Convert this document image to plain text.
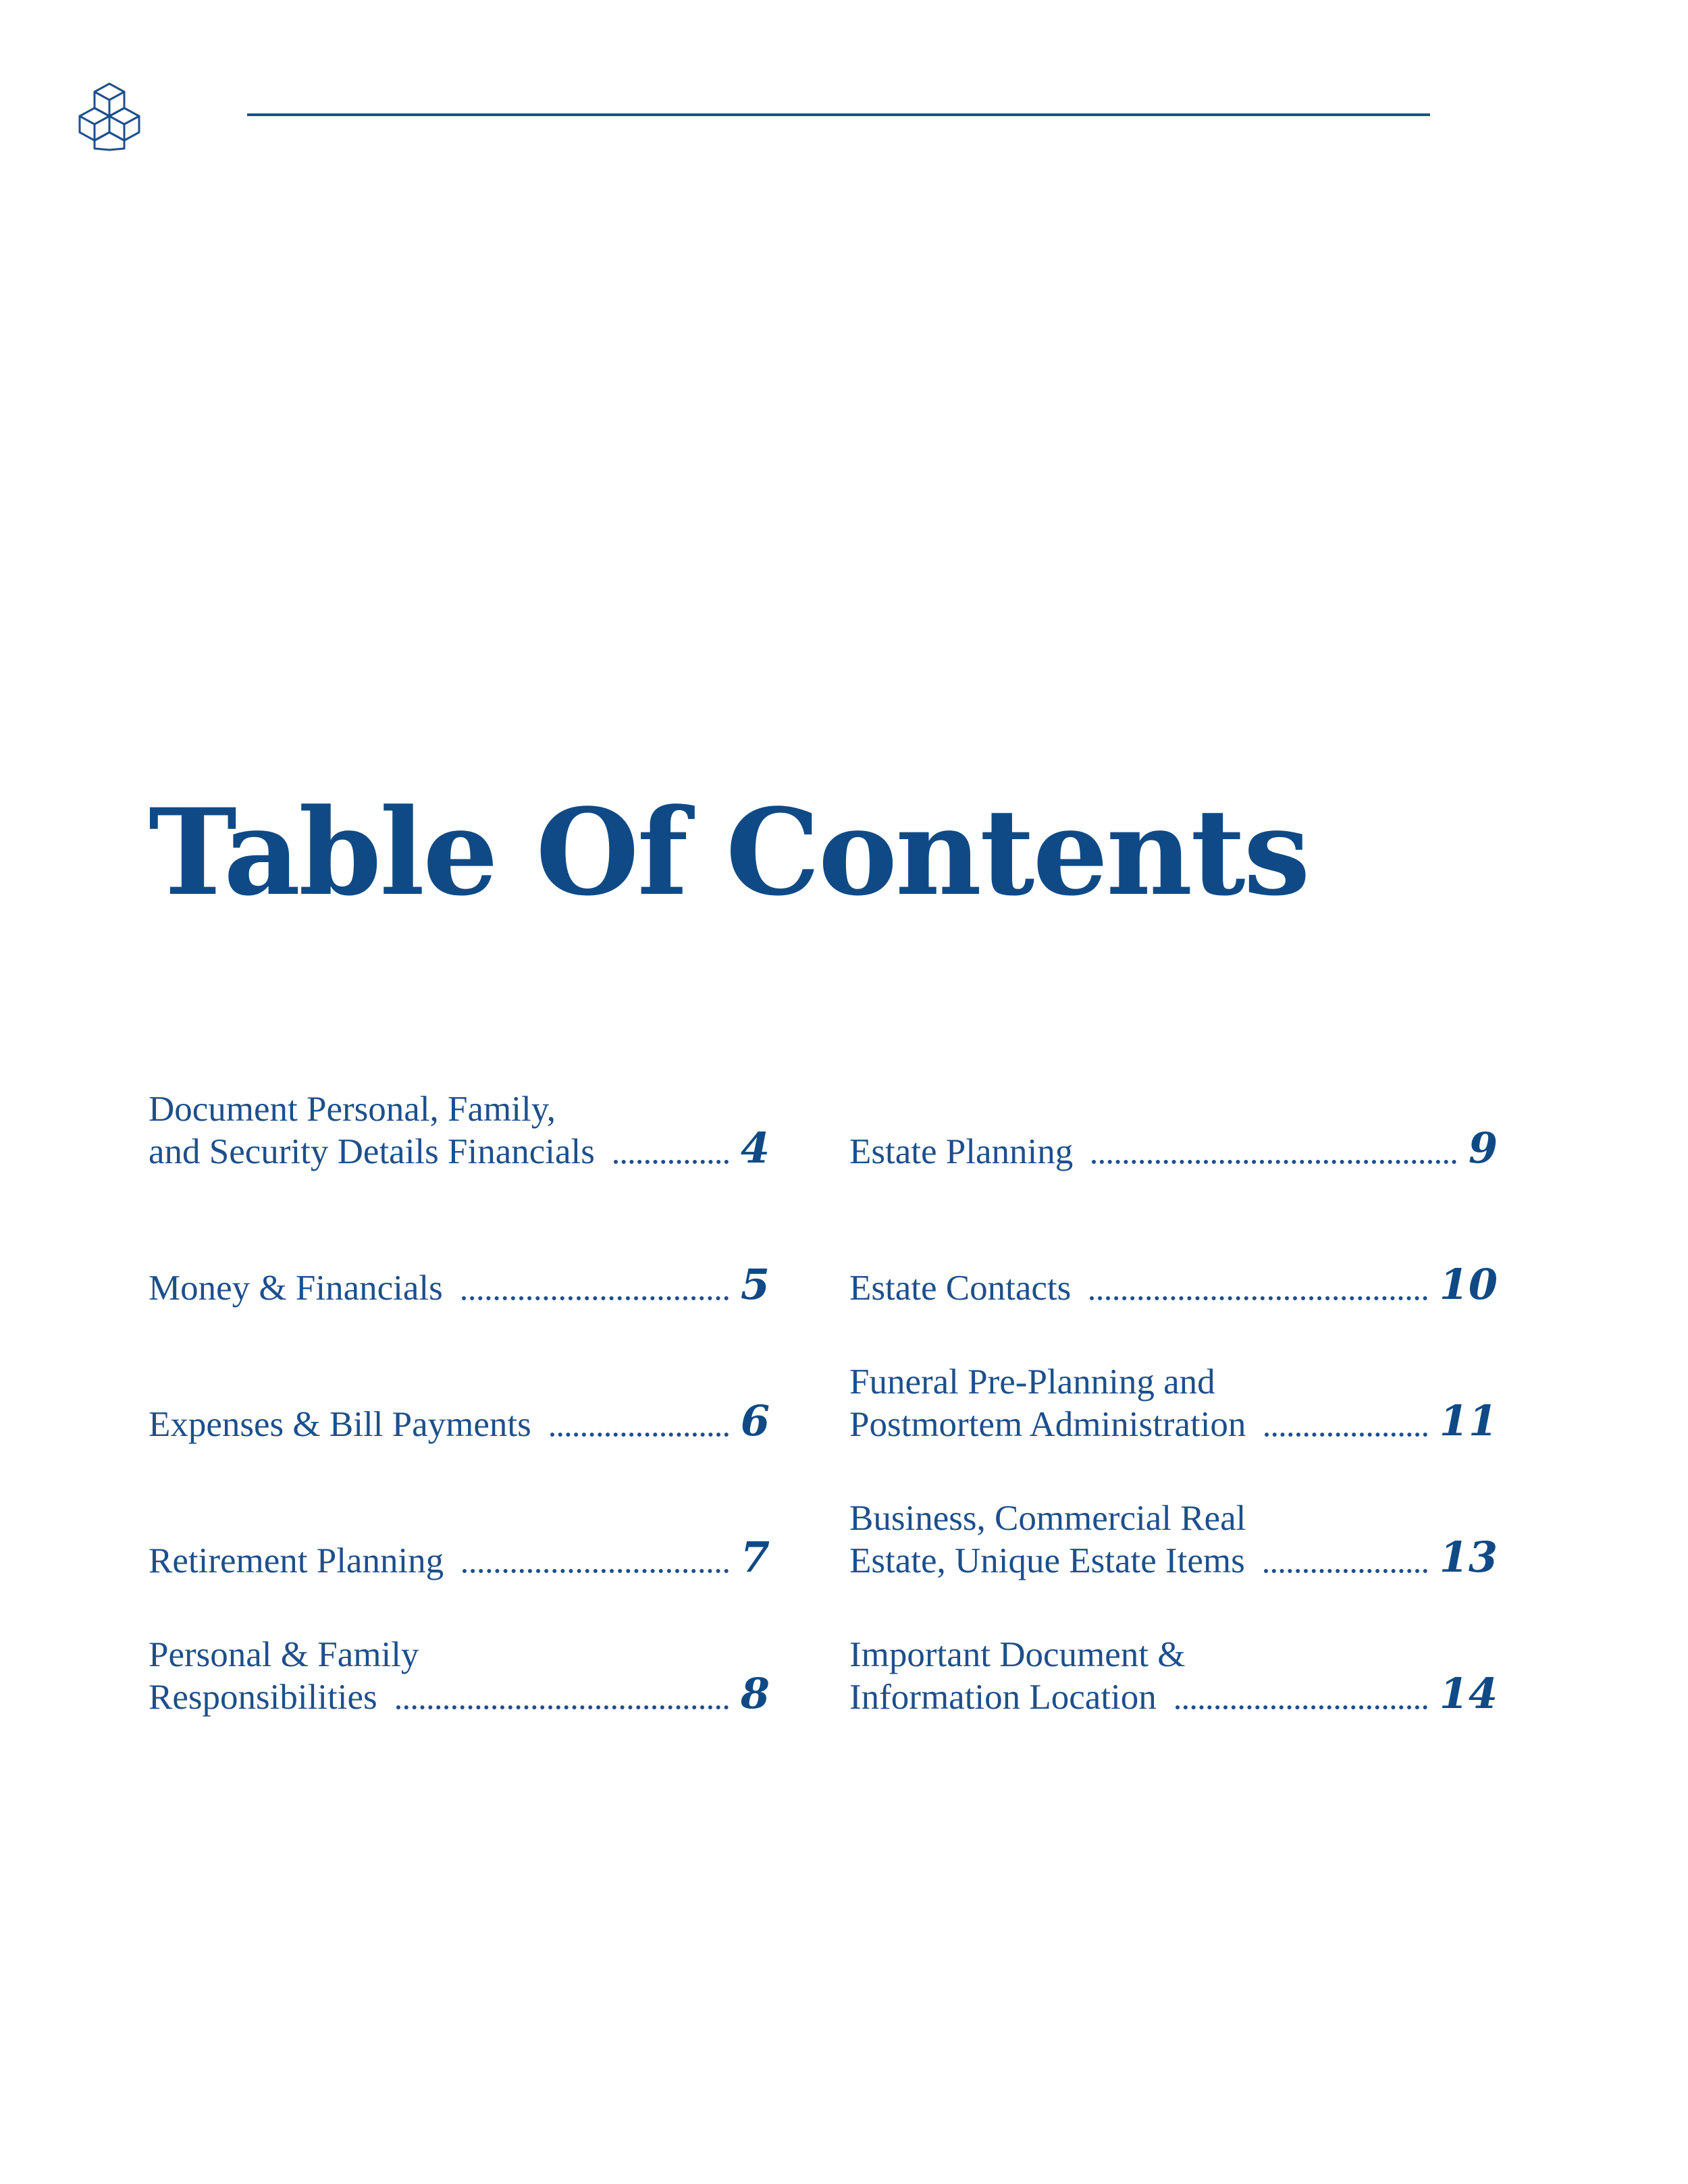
Table Of Contents
Document Personal, Family,
and Security Details Financials	4
Money & Financials	5
Expenses & Bill Payments	6
Retirement Planning	7
Personal & Family
Responsibilities	8
Estate Planning	9
Estate Contacts	10
Funeral Pre-Planning and
Postmortem Administration	11
Business, Commercial Real
Estate, Unique Estate Items	13
Important Document &
Information Location	14
